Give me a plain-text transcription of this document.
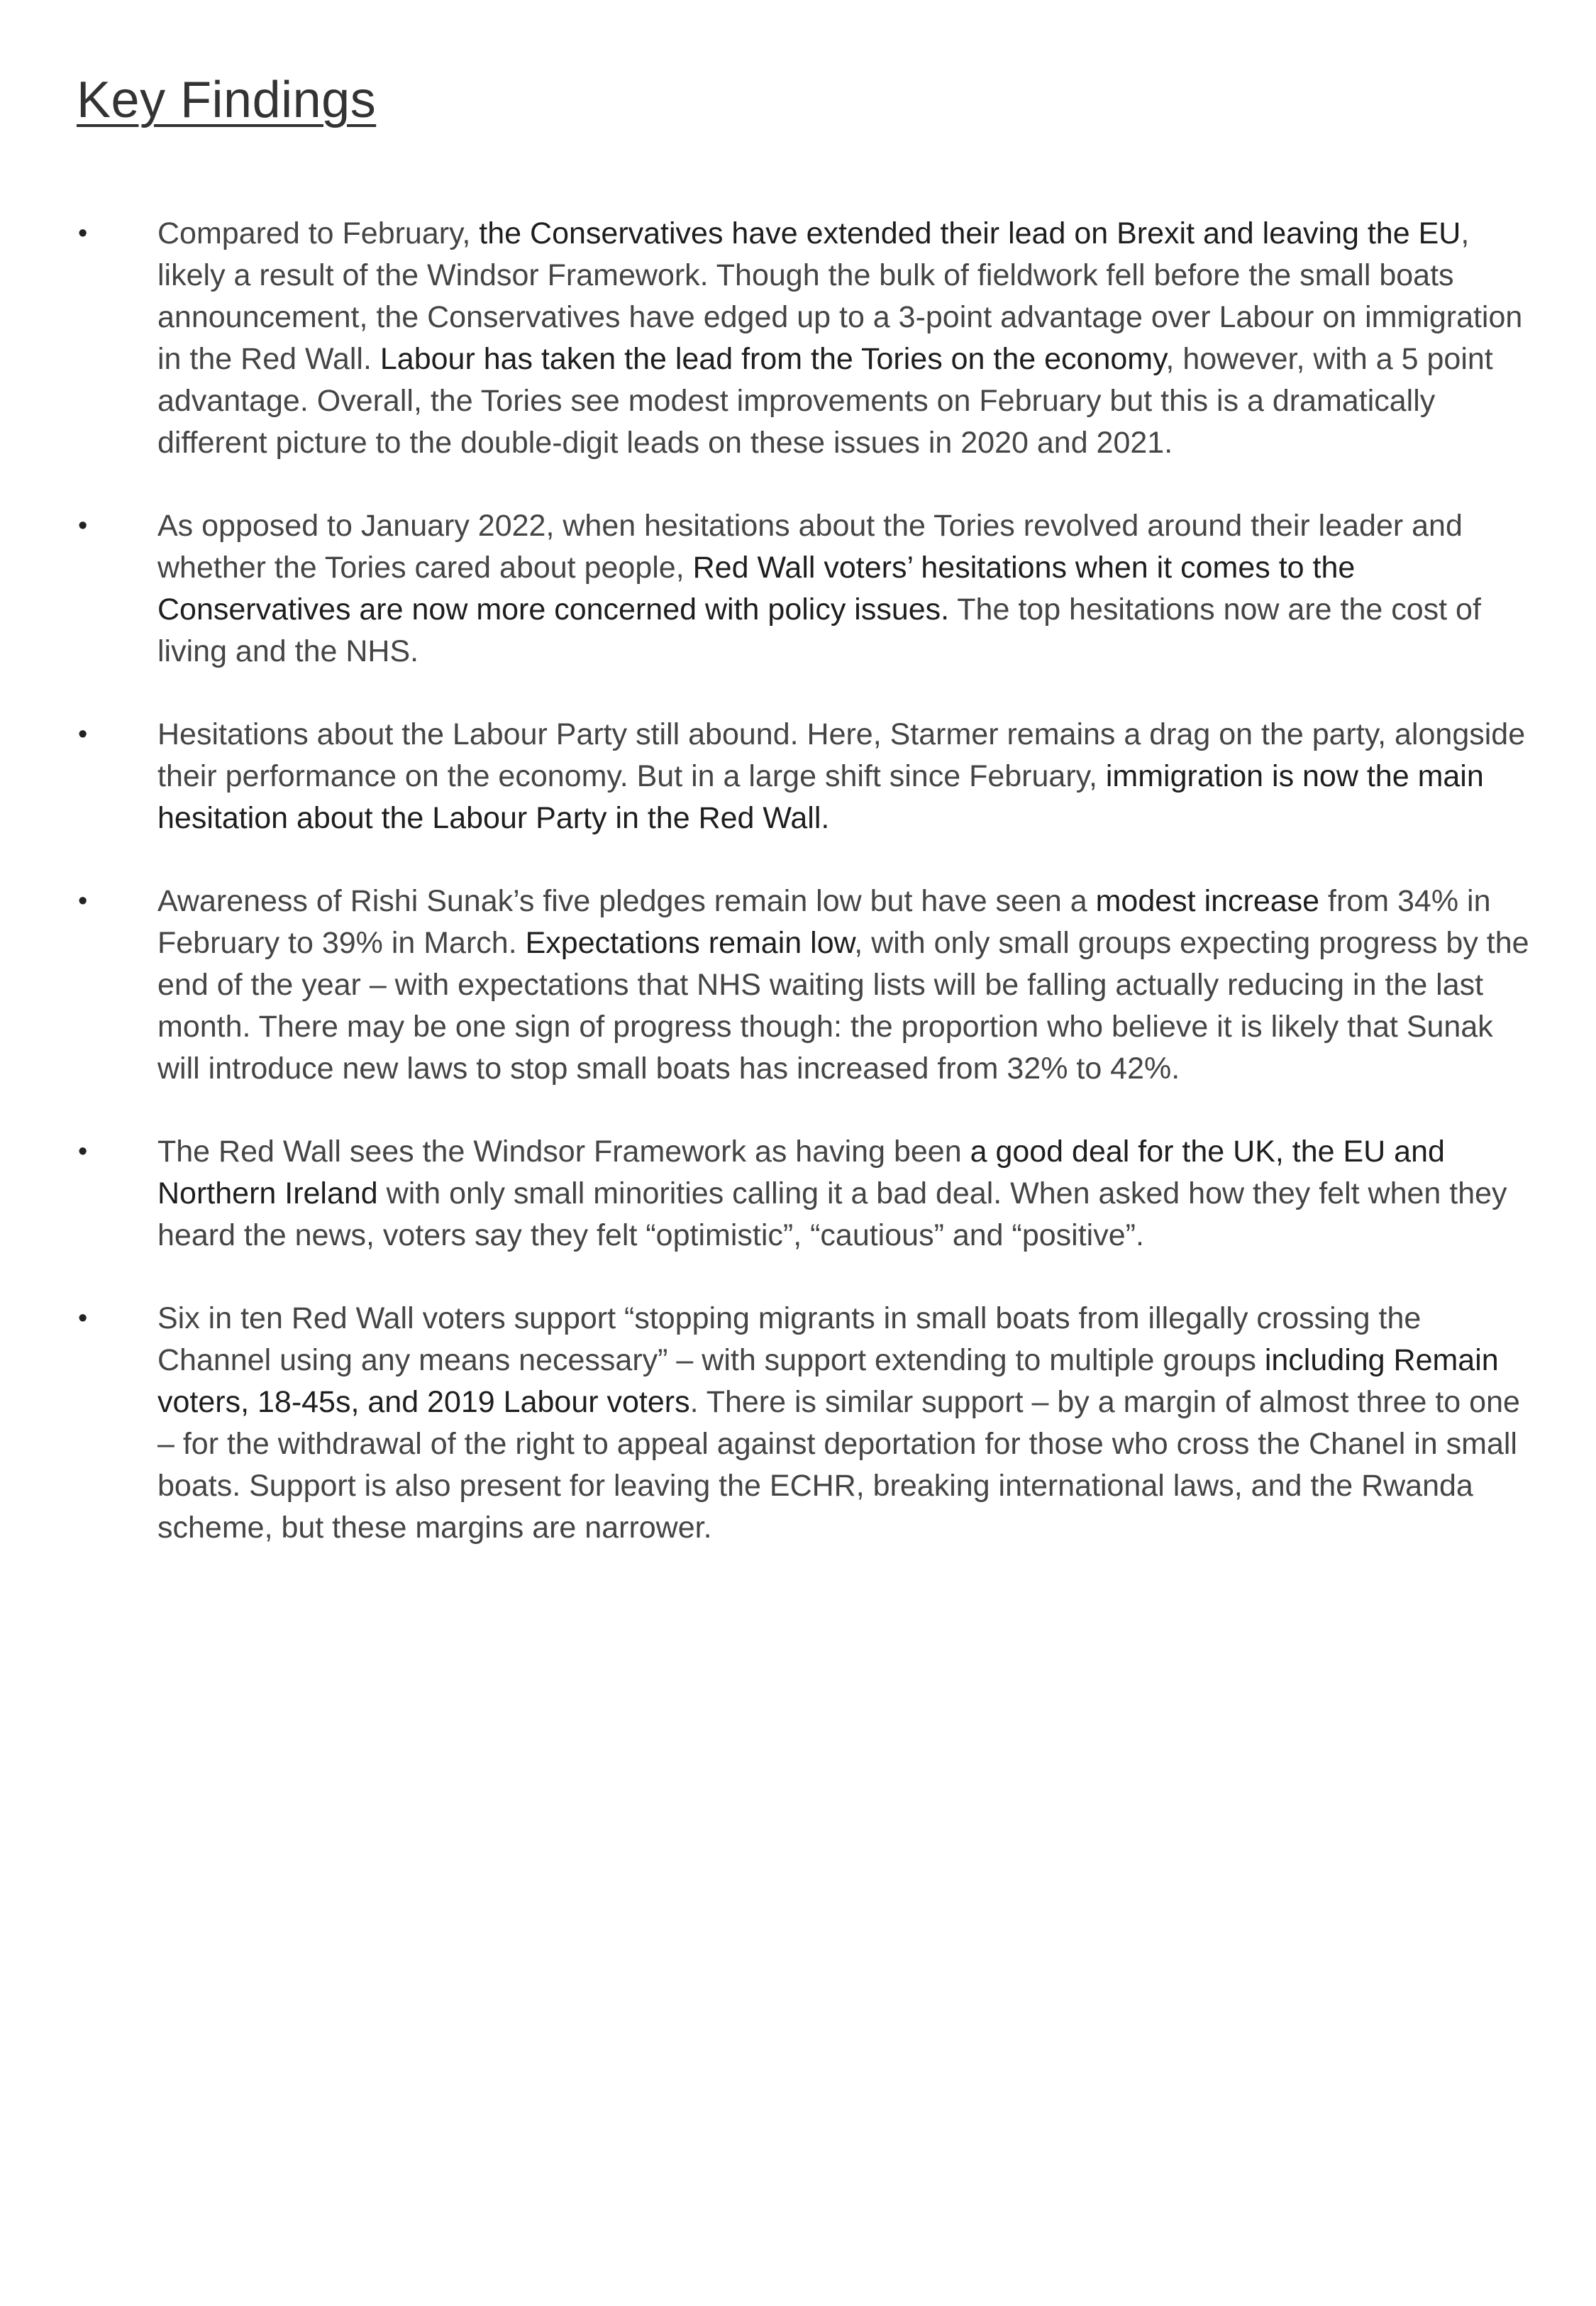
Key Findings
•	Compared to February, the Conservatives have extended their lead on Brexit and leaving the EU, likely a result of the Windsor Framework. Though the bulk of fieldwork fell before the small boats announcement, the Conservatives have edged up to a 3-point advantage over Labour on immigration in the Red Wall. Labour has taken the lead from the Tories on the economy, however, with a 5 point advantage. Overall, the Tories see modest improvements on February but this is a dramatically different picture to the double-digit leads on these issues in 2020 and 2021.
•	As opposed to January 2022, when hesitations about the Tories revolved around their leader and whether the Tories cared about people, Red Wall voters’ hesitations when it comes to the Conservatives are now more concerned with policy issues. The top hesitations now are the cost of living and the NHS.
•	Hesitations about the Labour Party still abound. Here, Starmer remains a drag on the party, alongside their performance on the economy. But in a large shift since February, immigration is now the main hesitation about the Labour Party in the Red Wall.
•	Awareness of Rishi Sunak’s five pledges remain low but have seen a modest increase from 34% in February to 39% in March. Expectations remain low, with only small groups expecting progress by the end of the year – with expectations that NHS waiting lists will be falling actually reducing in the last month. There may be one sign of progress though: the proportion who believe it is likely that Sunak will introduce new laws to stop small boats has increased from 32% to 42%.
•	The Red Wall sees the Windsor Framework as having been a good deal for the UK, the EU and Northern Ireland with only small minorities calling it a bad deal. When asked how they felt when they heard the news, voters say they felt “optimistic”, “cautious” and “positive”.
•	Six in ten Red Wall voters support “stopping migrants in small boats from illegally crossing the Channel using any means necessary” – with support extending to multiple groups including Remain voters, 18-45s, and 2019 Labour voters. There is similar support – by a margin of almost three to one – for the withdrawal of the right to appeal against deportation for those who cross the Chanel in small boats. Support is also present for leaving the ECHR, breaking international laws, and the Rwanda scheme, but these margins are narrower.
